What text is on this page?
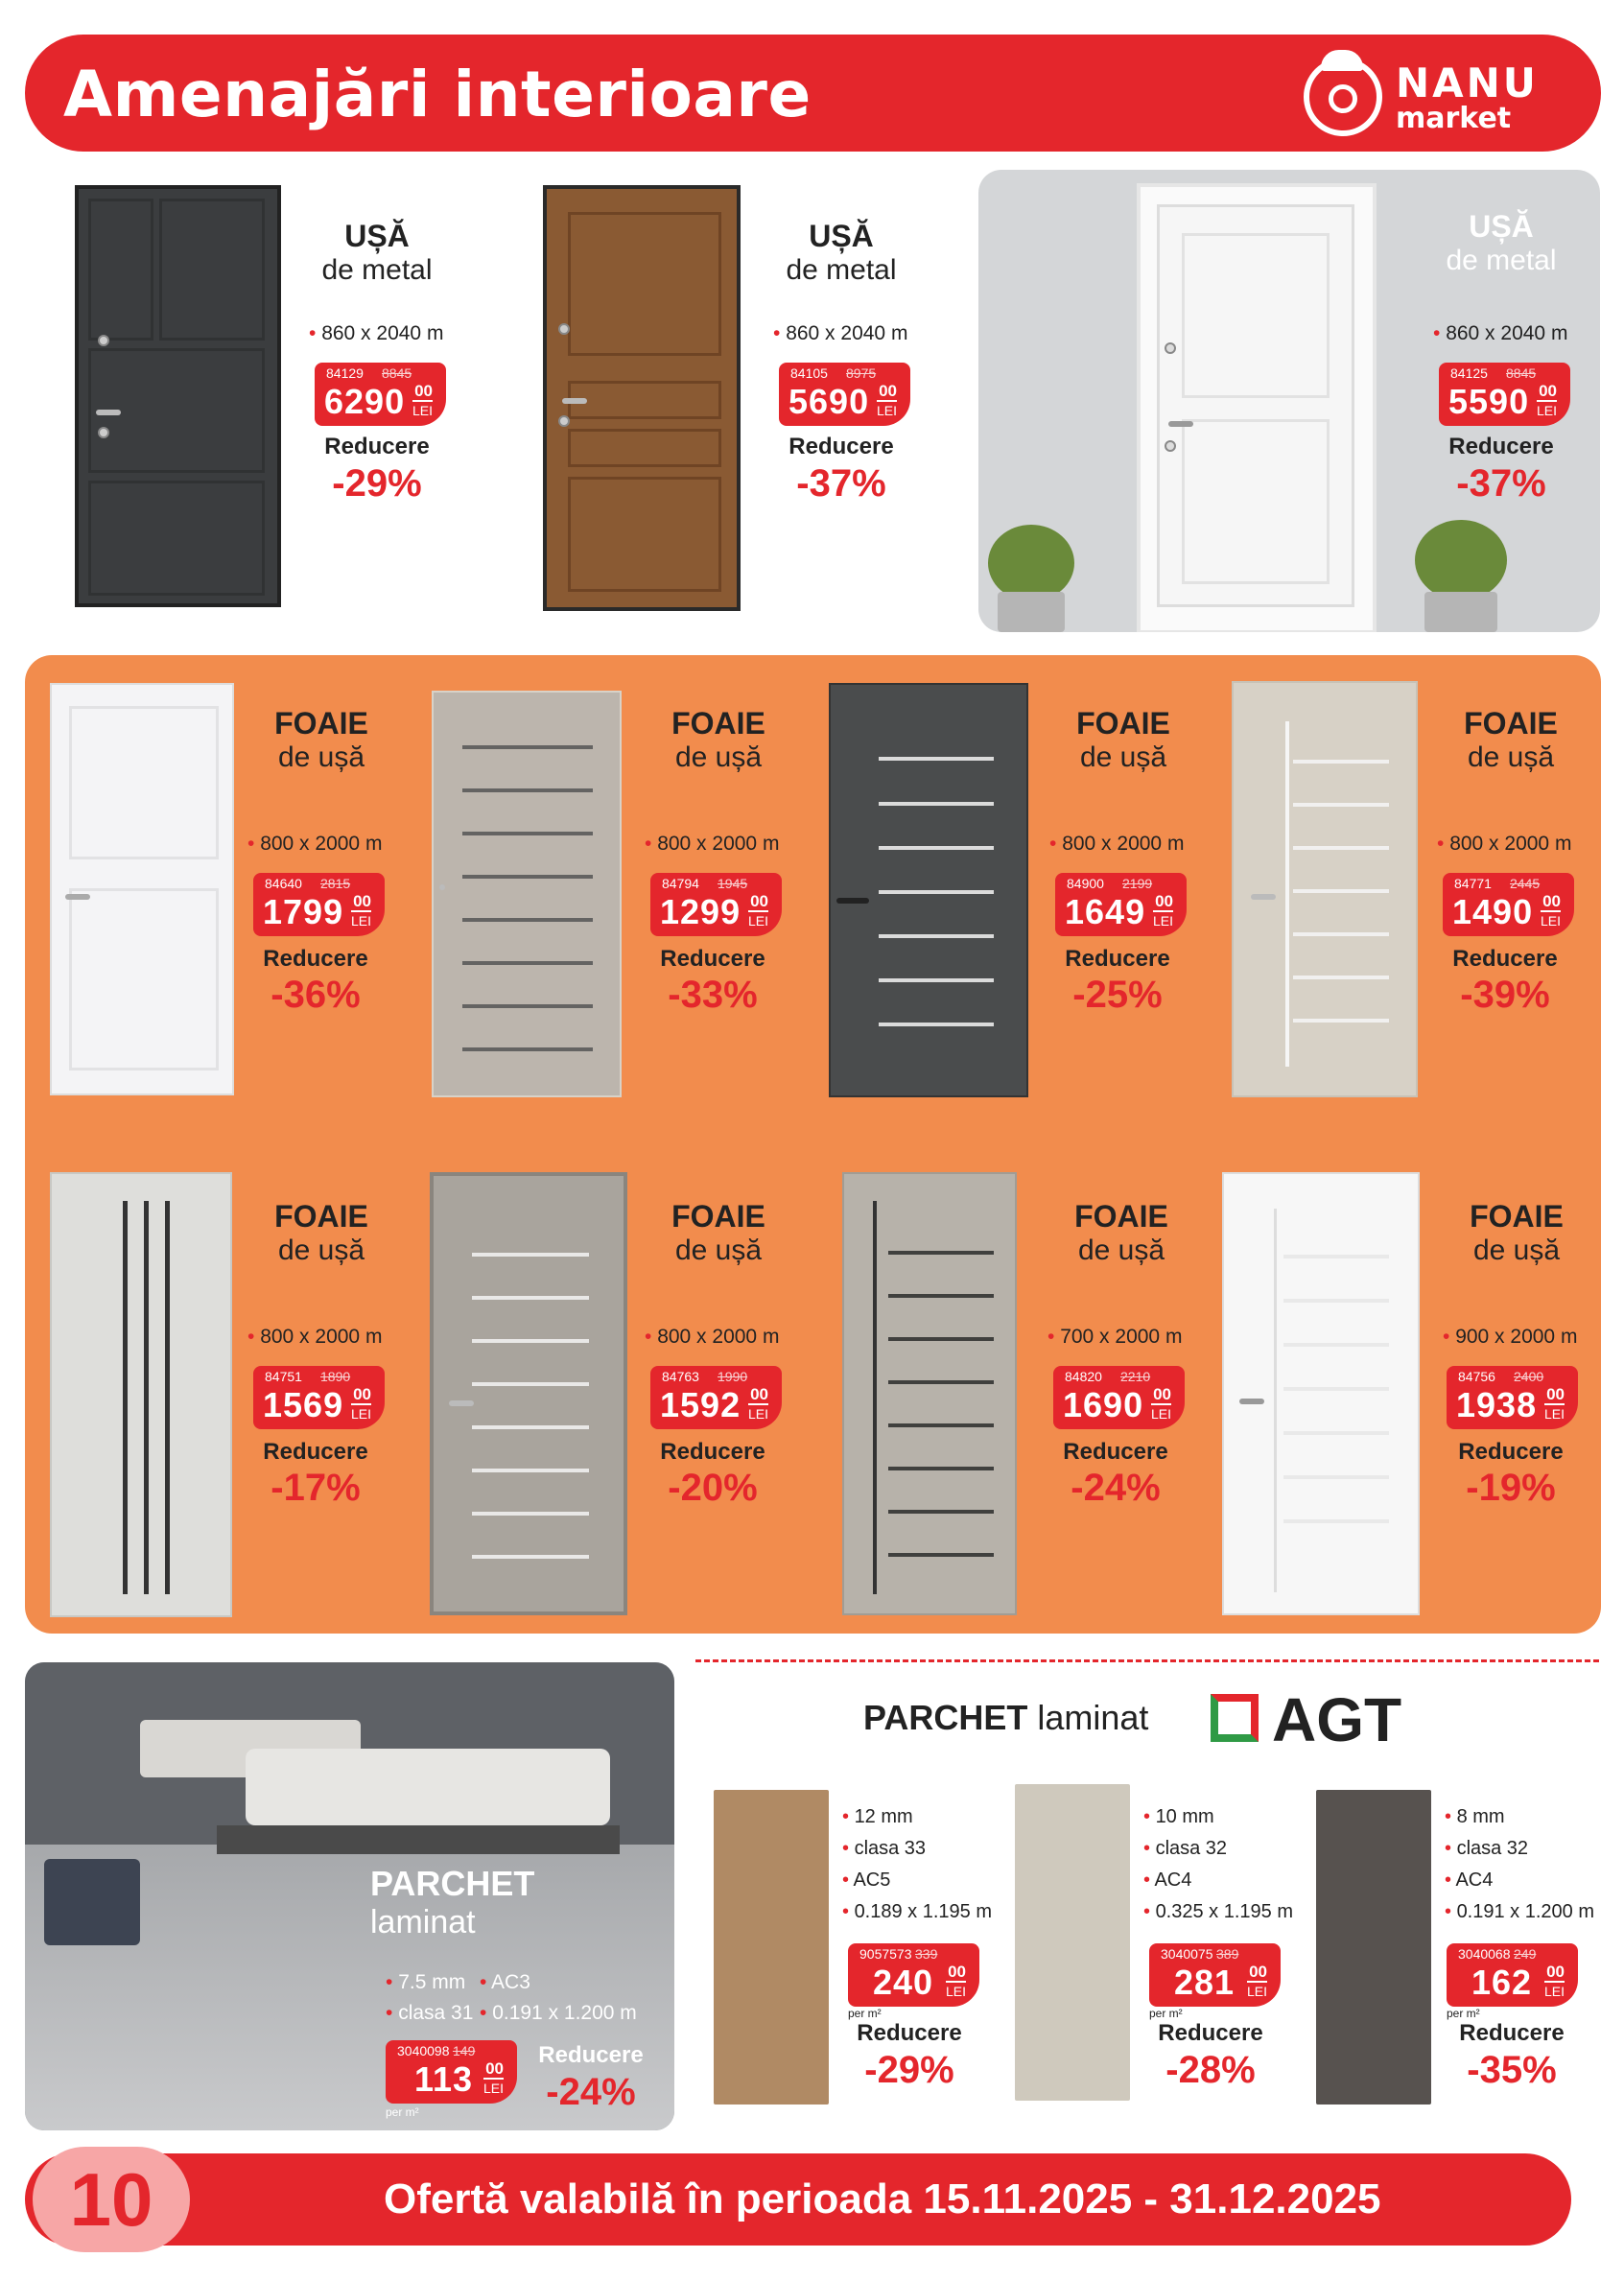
Amenajări interioare	NANU
market
UȘĂ
de metal
• 860 x 2040 m
84129 8845
6290 00
LEI
Reducere
-29%
UȘĂ
de metal
• 860 x 2040 m
84105 8975
5690 00
LEI
Reducere
-37%
UȘĂ
de metal
• 860 x 2040 m
84125 8845
5590 00
LEI
Reducere
-37%
FOAIE
de ușă
• 800 x 2000 m
84640 2815
1799 00
LEI
Reducere
-36%
FOAIE
de ușă
• 800 x 2000 m
84794 1945
1299 00
LEI
Reducere
-33%
FOAIE
de ușă
• 800 x 2000 m
84900 2199
1649 00
LEI
Reducere
-25%
FOAIE
de ușă
• 800 x 2000 m
84771 2445
1490 00
LEI
Reducere
-39%
FOAIE
de ușă
• 800 x 2000 m
84751 1890
1569 00
LEI
Reducere
-17%
FOAIE
de ușă
• 800 x 2000 m
84763 1990
1592 00
LEI
Reducere
-20%
FOAIE
de ușă
• 700 x 2000 m
84820 2210
1690 00
LEI
Reducere
-24%
FOAIE
de ușă
• 900 x 2000 m
84756 2400
1938 00
LEI
Reducere
-19%
PARCHET
laminat
• 7.5 mm
• clasa 31
• AC3
• 0.191 x 1.200 m
3040098 149
113 00
LEI
per m²
Reducere
-24%
PARCHET laminat AGT
• 12 mm
• clasa 33
• AC5
• 0.189 x 1.195 m
9057573 339
240 00
LEI
per m²
Reducere
-29%
• 10 mm
• clasa 32
• AC4
• 0.325 x 1.195 m
3040075 389
281 00
LEI
per m²
Reducere
-28%
• 8 mm
• clasa 32
• AC4
• 0.191 x 1.200 m
3040068 249
162 00
LEI
per m²
Reducere
-35%
10	Ofertă valabilă în perioada 15.11.2025 - 31.12.2025
